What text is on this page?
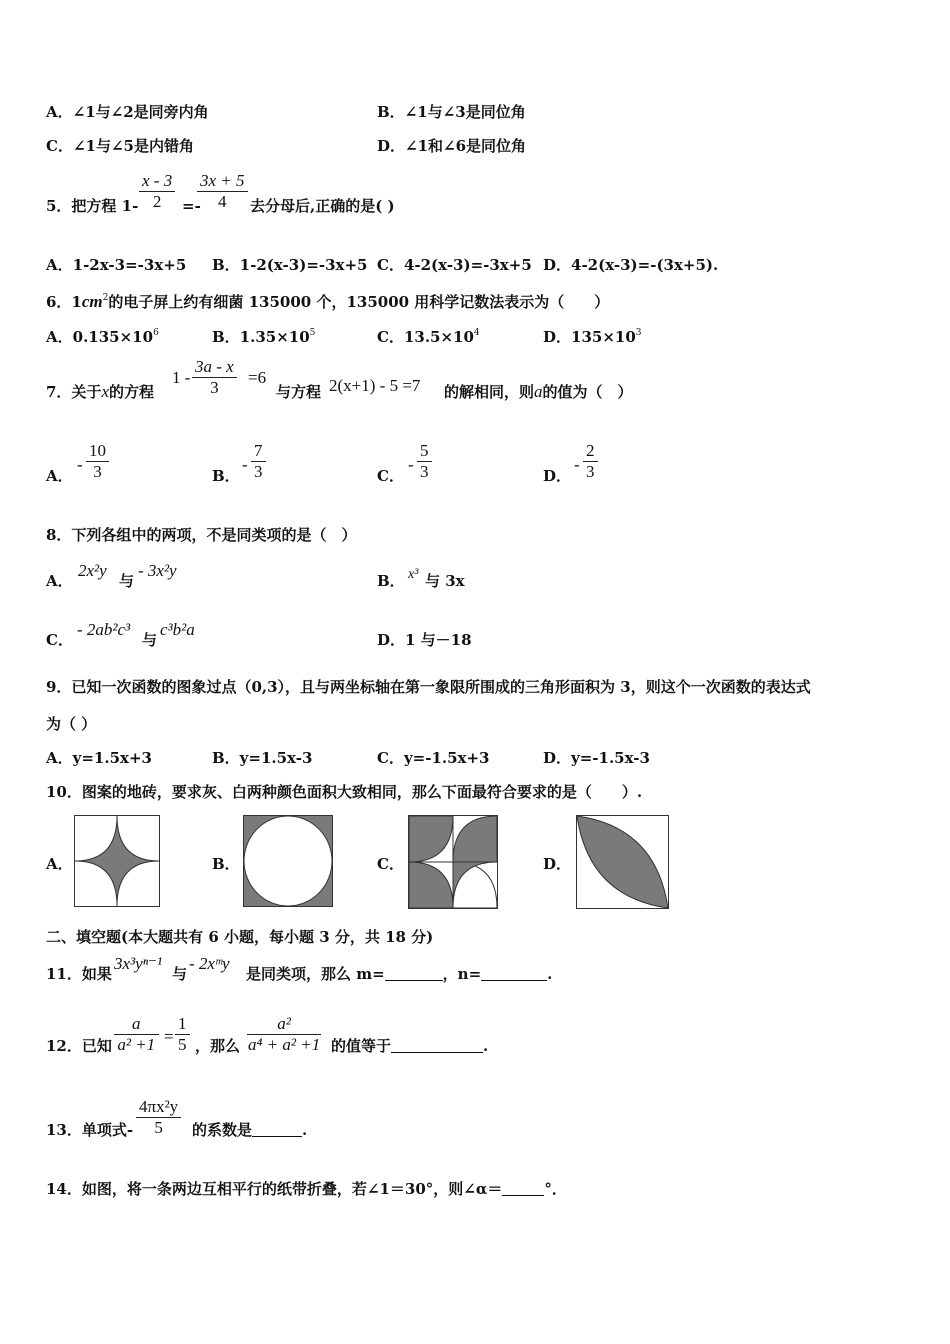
A．∠1与∠2是同旁内角	B．∠1与∠3是同位角
C．∠1与∠5是内错角	D．∠1和∠6是同位角
5．把方程 $1- \frac{x - 3}{2}$ =-
$\frac{3x + 5}{4}$ 去分母后,正确的是( )
A．1-2x-3=-3x+5 B．1-2(x-3)=-3x+5 C．4-2(x-3)=-3x+5 D．4-2(x-3)=-(3x+5).
6．$1cm^2$的电子屏上约有细菌 135000 个，135000 用科学记数法表示为（　　）
A．$0.135\times 10^6$	B．$1.35\times 10^5$	C．$13.5\times 10^4$	D．$135\times 10^3$
7．关于x的方程
$1 - \frac{3a - x}{3} =6$
与方程 2(x+1) - 5 =7 的解相同，则a的值为（　）
A．
- $\frac{10}{3}$	B．
- $\frac{7}{3}$	C．
- $\frac{5}{3}$	D．
- $\frac{2}{3}$
8．下列各组中的两项，不是同类项的是（　）
A．
2x²y
与
- 3x²y
B． x³ 与 3x
C．
- 2ab²c³
与
c³b²a
D．1 与－18
9．已知一次函数的图象过点（0,3），且与两坐标轴在第一象限所围成的三角形面积为 3，则这个一次函数的表达式
为（ ）
A．y=1.5x+3	B．y=1.5x-3	C．y=-1.5x+3	D．y=-1.5x-3
10．图案的地砖，要求灰、白两种颜色面积大致相同，那么下面最符合要求的是（　　）.
A．	B．	C．	D．
二、填空题(本大题共有 6 小题，每小题 3 分，共 18 分)
11．如果
3x³yⁿ⁻¹
与
- 2xᵐy
是同类项，那么 m=	，n=	.
12．已知 $\frac{a}{\text{a² +1}} = \frac{1}{5}$ ，那么 $\frac{\text{a²}}{\text{a⁴ + a² +1}}$ 的值等于	.
13．单项式- $\frac{\text{4πx²y}}{5}$ 的系数是	.
14．如图，将一条两边互相平行的纸带折叠，若∠1＝30°，则∠α＝	°．
